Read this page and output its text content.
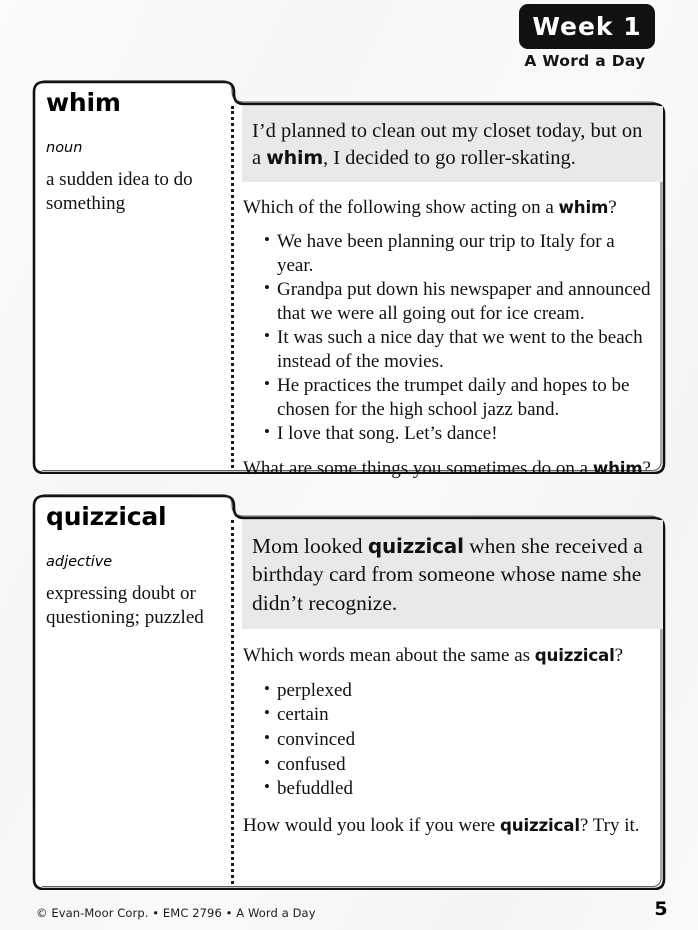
Week 1
A Word a Day
whim
noun
a sudden idea to do something
I’d planned to clean out my closet today, but on a whim, I decided to go roller-skating.
Which of the following show acting on a whim?
• We have been planning our trip to Italy for a year.
• Grandpa put down his newspaper and announced that we were all going out for ice cream.
• It was such a nice day that we went to the beach instead of the movies.
• He practices the trumpet daily and hopes to be chosen for the high school jazz band.
• I love that song. Let’s dance!
What are some things you sometimes do on a whim?
quizzical
adjective
expressing doubt or questioning; puzzled
Mom looked quizzical when she received a birthday card from someone whose name she didn’t recognize.
Which words mean about the same as quizzical?
• perplexed
• certain
• convinced
• confused
• befuddled
How would you look if you were quizzical? Try it.
© Evan-Moor Corp. • EMC 2796 • A Word a Day	5
